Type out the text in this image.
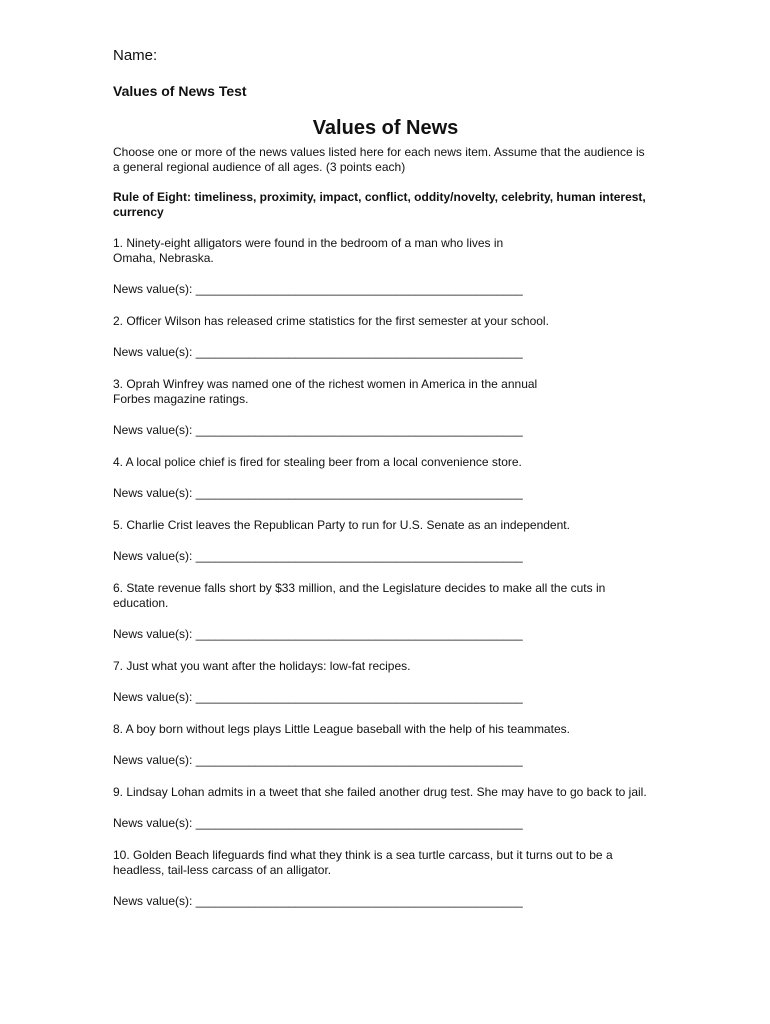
Name:

Values of News Test

Values of News

Choose one or more of the news values listed here for each news item. Assume that the audience is a general regional audience of all ages. (3 points each)

Rule of Eight: timeliness, proximity, impact, conflict, oddity/novelty, celebrity, human interest, currency

1. Ninety-eight alligators were found in the bedroom of a man who lives in Omaha, Nebraska.

News value(s): _________________________________________________

2. Officer Wilson has released crime statistics for the first semester at your school.

News value(s): _________________________________________________

3. Oprah Winfrey was named one of the richest women in America in the annual Forbes magazine ratings.

News value(s): _________________________________________________

4. A local police chief is fired for stealing beer from a local convenience store.

News value(s): _________________________________________________

5. Charlie Crist leaves the Republican Party to run for U.S. Senate as an independent.

News value(s): _________________________________________________

6. State revenue falls short by $33 million, and the Legislature decides to make all the cuts in education.

News value(s): _________________________________________________

7. Just what you want after the holidays: low-fat recipes.

News value(s): _________________________________________________

8. A boy born without legs plays Little League baseball with the help of his teammates.

News value(s): _________________________________________________

9. Lindsay Lohan admits in a tweet that she failed another drug test. She may have to go back to jail.

News value(s): _________________________________________________

10. Golden Beach lifeguards find what they think is a sea turtle carcass, but it turns out to be a headless, tail-less carcass of an alligator.

News value(s): _________________________________________________
